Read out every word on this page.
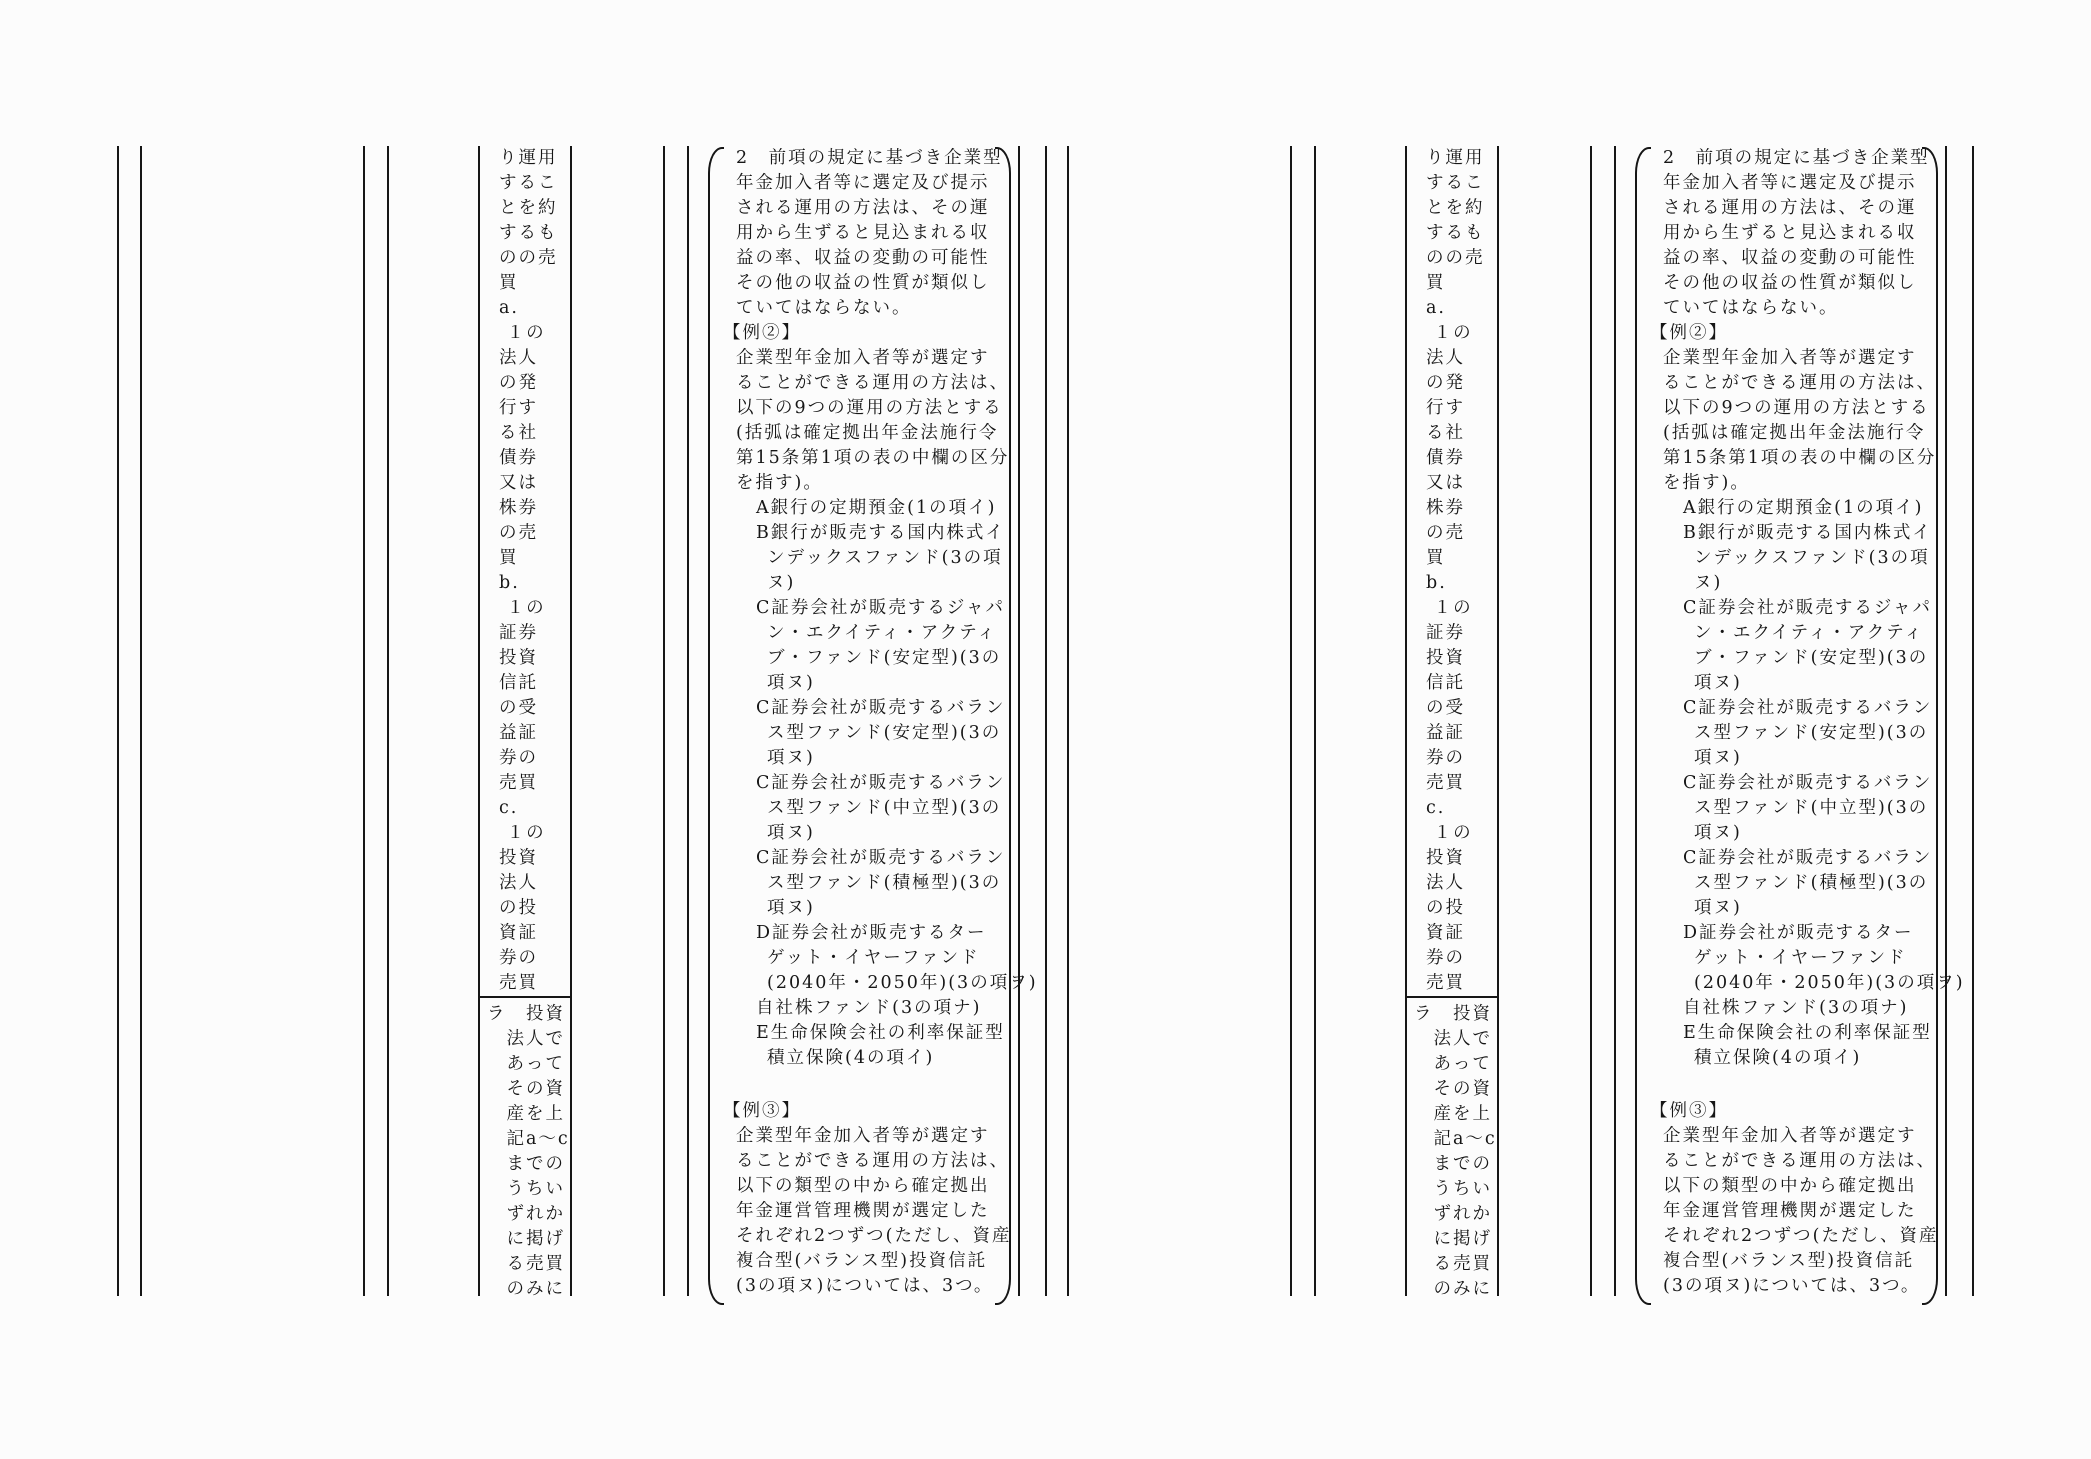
り運用
するこ
とを約
するも
のの売
買
a.
１の
法人
の発
行す
る社
債券
又は
株券
の売
買
b.
１の
証券
投資
信託
の受
益証
券の
売買
c.
１の
投資
法人
の投
資証
券の
売買
ラ　投資
　法人で
　あって
　その資
　産を上
　記a〜c
　までの
　うちい
　ずれか
　に掲げ
　る売買
　のみに
2　前項の規定に基づき企業型
年金加入者等に選定及び提示
される運用の方法は、その運
用から生ずると見込まれる収
益の率、収益の変動の可能性
その他の収益の性質が類似し
ていてはならない。
【例②】
企業型年金加入者等が選定す
ることができる運用の方法は、
以下の9つの運用の方法とする
(括弧は確定拠出年金法施行令
第15条第1項の表の中欄の区分
を指す)。
A銀行の定期預金(1の項イ)
B銀行が販売する国内株式イ
ンデックスファンド(3の項
ヌ)
C証券会社が販売するジャパ
ン・エクイティ・アクティ
ブ・ファンド(安定型)(3の
項ヌ)
C証券会社が販売するバラン
ス型ファンド(安定型)(3の
項ヌ)
C証券会社が販売するバラン
ス型ファンド(中立型)(3の
項ヌ)
C証券会社が販売するバラン
ス型ファンド(積極型)(3の
項ヌ)
D証券会社が販売するター
ゲット・イヤーファンド
(2040年・2050年)(3の項ヲ)
自社株ファンド(3の項ナ)
E生命保険会社の利率保証型
積立保険(4の項イ)
【例③】
企業型年金加入者等が選定す
ることができる運用の方法は、
以下の類型の中から確定拠出
年金運営管理機関が選定した
それぞれ2つずつ(ただし、資産
複合型(バランス型)投資信託
(3の項ヌ)については、3つ。
り運用
するこ
とを約
するも
のの売
買
a.
１の
法人
の発
行す
る社
債券
又は
株券
の売
買
b.
１の
証券
投資
信託
の受
益証
券の
売買
c.
１の
投資
法人
の投
資証
券の
売買
ラ　投資
　法人で
　あって
　その資
　産を上
　記a〜c
　までの
　うちい
　ずれか
　に掲げ
　る売買
　のみに
2　前項の規定に基づき企業型
年金加入者等に選定及び提示
される運用の方法は、その運
用から生ずると見込まれる収
益の率、収益の変動の可能性
その他の収益の性質が類似し
ていてはならない。
【例②】
企業型年金加入者等が選定す
ることができる運用の方法は、
以下の9つの運用の方法とする
(括弧は確定拠出年金法施行令
第15条第1項の表の中欄の区分
を指す)。
A銀行の定期預金(1の項イ)
B銀行が販売する国内株式イ
ンデックスファンド(3の項
ヌ)
C証券会社が販売するジャパ
ン・エクイティ・アクティ
ブ・ファンド(安定型)(3の
項ヌ)
C証券会社が販売するバラン
ス型ファンド(安定型)(3の
項ヌ)
C証券会社が販売するバラン
ス型ファンド(中立型)(3の
項ヌ)
C証券会社が販売するバラン
ス型ファンド(積極型)(3の
項ヌ)
D証券会社が販売するター
ゲット・イヤーファンド
(2040年・2050年)(3の項ヲ)
自社株ファンド(3の項ナ)
E生命保険会社の利率保証型
積立保険(4の項イ)
【例③】
企業型年金加入者等が選定す
ることができる運用の方法は、
以下の類型の中から確定拠出
年金運営管理機関が選定した
それぞれ2つずつ(ただし、資産
複合型(バランス型)投資信託
(3の項ヌ)については、3つ。
